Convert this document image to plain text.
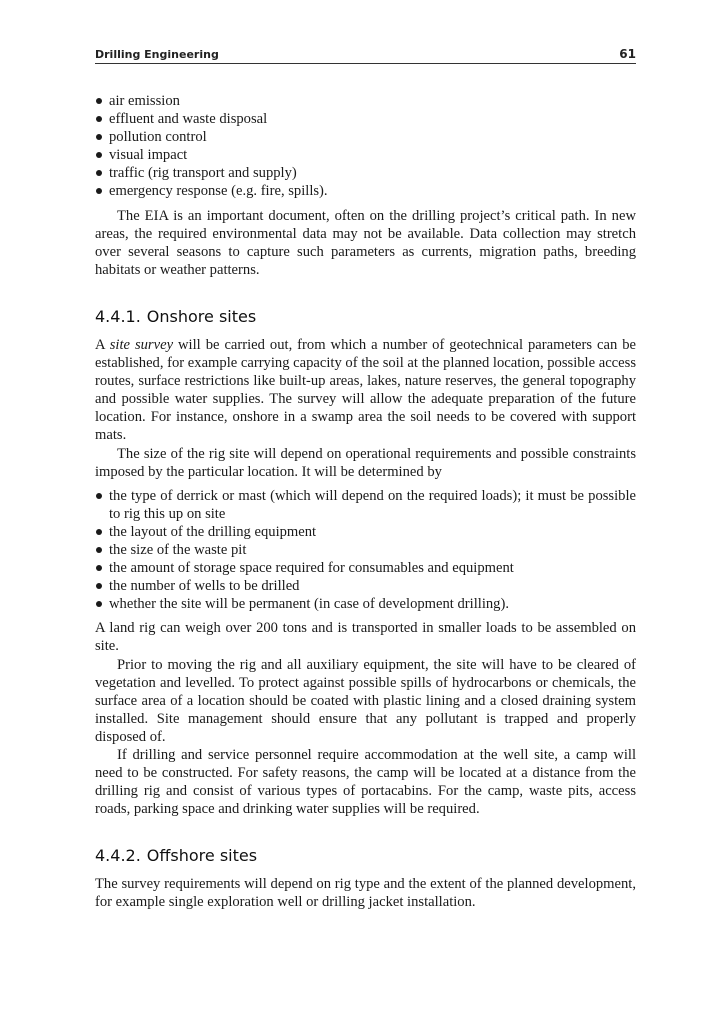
Drilling Engineering	61
air emission
effluent and waste disposal
pollution control
visual impact
traffic (rig transport and supply)
emergency response (e.g. fire, spills).

The EIA is an important document, often on the drilling project’s critical path. In new areas, the required environmental data may not be available. Data collection may stretch over several seasons to capture such parameters as currents, migration paths, breeding habitats or weather patterns.

4.4.1. Onshore sites

A site survey will be carried out, from which a number of geotechnical parameters can be established, for example carrying capacity of the soil at the planned location, possible access routes, surface restrictions like built-up areas, lakes, nature reserves, the general topography and possible water supplies. The survey will allow the adequate preparation of the future location. For instance, onshore in a swamp area the soil needs to be covered with support mats.

The size of the rig site will depend on operational requirements and possible constraints imposed by the particular location. It will be determined by

the type of derrick or mast (which will depend on the required loads); it must be possible to rig this up on site
the layout of the drilling equipment
the size of the waste pit
the amount of storage space required for consumables and equipment
the number of wells to be drilled
whether the site will be permanent (in case of development drilling).

A land rig can weigh over 200 tons and is transported in smaller loads to be assembled on site.

Prior to moving the rig and all auxiliary equipment, the site will have to be cleared of vegetation and levelled. To protect against possible spills of hydrocarbons or chemicals, the surface area of a location should be coated with plastic lining and a closed draining system installed. Site management should ensure that any pollutant is trapped and properly disposed of.

If drilling and service personnel require accommodation at the well site, a camp will need to be constructed. For safety reasons, the camp will be located at a distance from the drilling rig and consist of various types of portacabins. For the camp, waste pits, access roads, parking space and drinking water supplies will be required.

4.4.2. Offshore sites

The survey requirements will depend on rig type and the extent of the planned development, for example single exploration well or drilling jacket installation.
